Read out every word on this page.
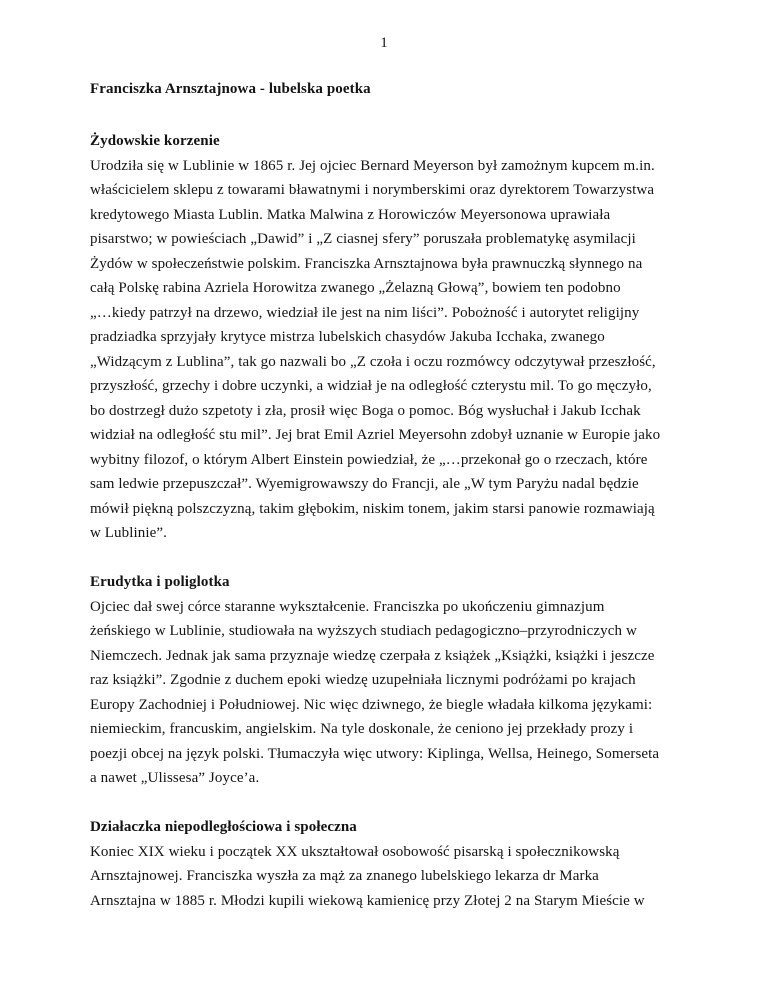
1
Franciszka Arnsztajnowa - lubelska poetka
Żydowskie korzenie
Urodziła się w Lublinie w 1865 r. Jej ojciec Bernard Meyerson był zamożnym kupcem m.in.
właścicielem sklepu z towarami bławatnymi i norymberskimi oraz dyrektorem Towarzystwa
kredytowego Miasta Lublin. Matka Malwina z Horowiczów Meyersonowa uprawiała
pisarstwo; w powieściach „Dawid” i „Z ciasnej sfery” poruszała problematykę asymilacji
Żydów w społeczeństwie polskim. Franciszka Arnsztajnowa była prawnuczką słynnego na
całą Polskę rabina Azriela Horowitza zwanego „Żelazną Głową”, bowiem ten podobno
„…kiedy patrzył na drzewo, wiedział ile jest na nim liści”. Pobożność i autorytet religijny
pradziadka sprzyjały krytyce mistrza lubelskich chasydów Jakuba Icchaka, zwanego
„Widzącym z Lublina”, tak go nazwali bo „Z czoła i oczu rozmówcy odczytywał przeszłość,
przyszłość, grzechy i dobre uczynki, a widział je na odległość czterystu mil. To go męczyło,
bo dostrzegł dużo szpetoty i zła, prosił więc Boga o pomoc. Bóg wysłuchał i Jakub Icchak
widział na odległość stu mil”. Jej brat Emil Azriel Meyersohn zdobył uznanie w Europie jako
wybitny filozof, o którym Albert Einstein powiedział, że „…przekonał go o rzeczach, które
sam ledwie przepuszczał”. Wyemigrowawszy do Francji, ale „W tym Paryżu nadal będzie
mówił piękną polszczyzną, takim głębokim, niskim tonem, jakim starsi panowie rozmawiają
w Lublinie”.
Erudytka i poliglotka
Ojciec dał swej córce staranne wykształcenie. Franciszka po ukończeniu gimnazjum
żeńskiego w Lublinie, studiowała na wyższych studiach pedagogiczno–przyrodniczych w
Niemczech. Jednak jak sama przyznaje wiedzę czerpała z książek „Książki, książki i jeszcze
raz książki”. Zgodnie z duchem epoki wiedzę uzupełniała licznymi podróżami po krajach
Europy Zachodniej i Południowej. Nic więc dziwnego, że biegle władała kilkoma językami:
niemieckim, francuskim, angielskim. Na tyle doskonale, że ceniono jej przekłady prozy i
poezji obcej na język polski. Tłumaczyła więc utwory: Kiplinga, Wellsa, Heinego, Somerseta
a nawet „Ulissesa” Joyce’a.
Działaczka niepodległościowa i społeczna
Koniec XIX wieku i początek XX ukształtował osobowość pisarską i społecznikowską
Arnsztajnowej. Franciszka wyszła za mąż za znanego lubelskiego lekarza dr Marka
Arnsztajna w 1885 r. Młodzi kupili wiekową kamienicę przy Złotej 2 na Starym Mieście w
